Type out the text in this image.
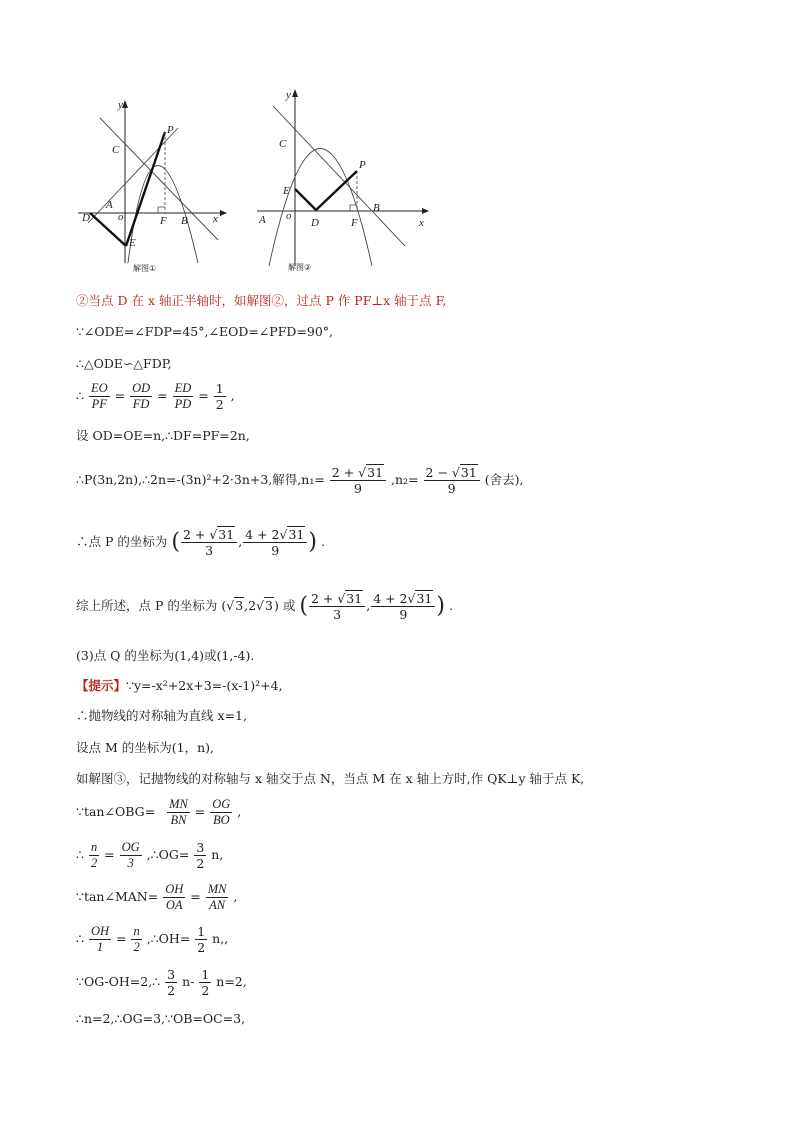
y
C
P
A
o
D	F B x
E
解图①
y
C
P
E
A o
D	F
B
x
解图②
②当点 D 在 x 轴正半轴时，如解图②，过点 P 作 PF⊥x 轴于点 F,
∵∠ODE=∠FDP=45°,∠EOD=∠PFD=90°,
∴△ODE∽△FDP,
∴ $\frac{EO}{PF} = \frac{OD}{FD} = \frac{ED}{PD} = \frac{1}{2}$ ,
设 OD=OE=n,∴DF=PF=2n,
∴P(3n,2n),∴2n=-(3n)²+2·3n+3,解得$,n_1= \frac{2 + √31}{9} ,n_2= \frac{2 - √31}{9}$ (舍去),
∴点 P 的坐标为 ( $\frac{2 + √31}{3}$ , $\frac{4 + 2√31}{9}$ ) .
综上所述，点 P 的坐标为 (√3,2√3) 或 ( $\frac{2 + √31}{3}$ , $\frac{4 + 2√31}{9}$ ) .
(3)点 Q 的坐标为(1,4)或(1,-4).
【提示】∵y=-x²+2x+3=-(x-1)²+4,
∴抛物线的对称轴为直线 x=1,
设点 M 的坐标为(1，n),
如解图③，记抛物线的对称轴与 x 轴交于点 N，当点 M 在 x 轴上方时,作 QK⊥y 轴于点 K,
∵tan∠OBG= $\frac{MN}{BN} = \frac{OG}{BO}$ ,
∴ $\frac{n}{2} = \frac{OG}{3}$ ,∴OG= $\frac{3}{2} n$,
∵tan∠MAN= $\frac{OH}{OA} = \frac{MN}{AN}$ ,
∴ $\frac{OH}{1} = \frac{n}{2}$ ,∴OH= $\frac{1}{2} n$,,
∵OG-OH=2,∴ $\frac{3}{2} n- \frac{1}{2} n=2$,
∴n=2,∴OG=3,∵OB=OC=3,
